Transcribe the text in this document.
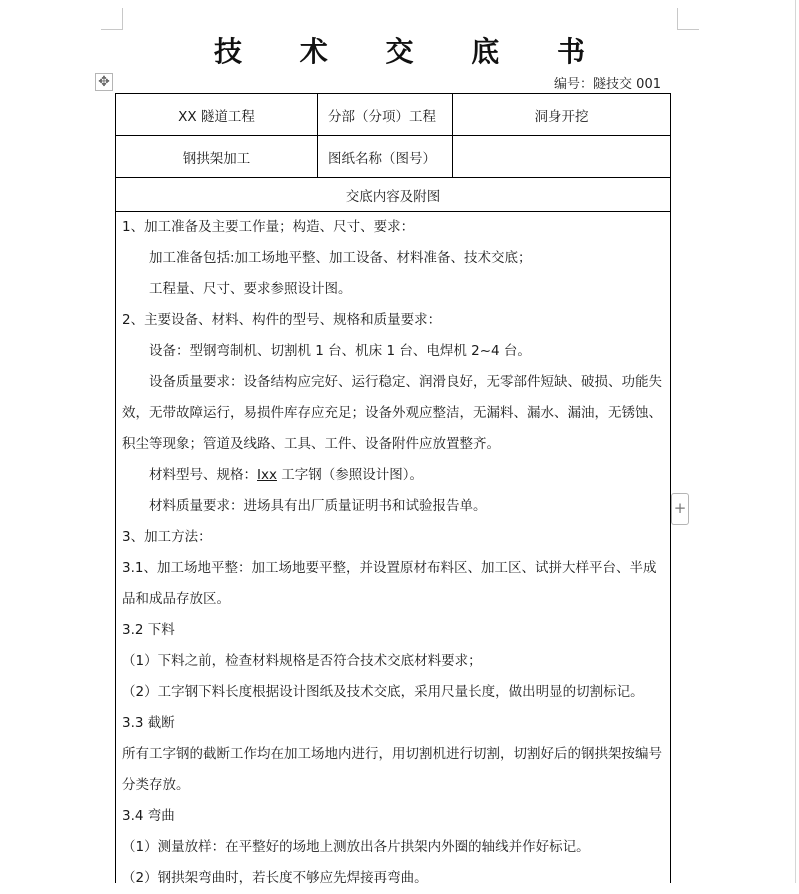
技 术 交 底 书
编号：隧技交 001
✥
+
XX 隧道工程	分部（分项）工程	洞身开挖
钢拱架加工	图纸名称（图号）
交底内容及附图

1、加工准备及主要工作量；构造、尺寸、要求：

加工准备包括:加工场地平整、加工设备、材料准备、技术交底；

工程量、尺寸、要求参照设计图。

2、主要设备、材料、构件的型号、规格和质量要求：

设备：型钢弯制机、切割机 1 台、机床 1 台、电焊机 2~4 台。

设备质量要求：设备结构应完好、运行稳定、润滑良好，无零部件短缺、破损、功能失效，无带故障运行，易损件库存应充足；设备外观应整洁，无漏料、漏水、漏油，无锈蚀、积尘等现象；管道及线路、工具、工件、设备附件应放置整齐。

材料型号、规格：Ixx 工字钢（参照设计图）。

材料质量要求：进场具有出厂质量证明书和试验报告单。

3、加工方法：

3.1、加工场地平整：加工场地要平整，并设置原材布料区、加工区、试拼大样平台、半成品和成品存放区。

3.2 下料

（1）下料之前，检查材料规格是否符合技术交底材料要求；

（2）工字钢下料长度根据设计图纸及技术交底，采用尺量长度，做出明显的切割标记。

3.3 截断

所有工字钢的截断工作均在加工场地内进行，用切割机进行切割，切割好后的钢拱架按编号分类存放。

3.4 弯曲

（1）测量放样：在平整好的场地上测放出各片拱架内外圈的轴线并作好标记。

（2）钢拱架弯曲时，若长度不够应先焊接再弯曲。
